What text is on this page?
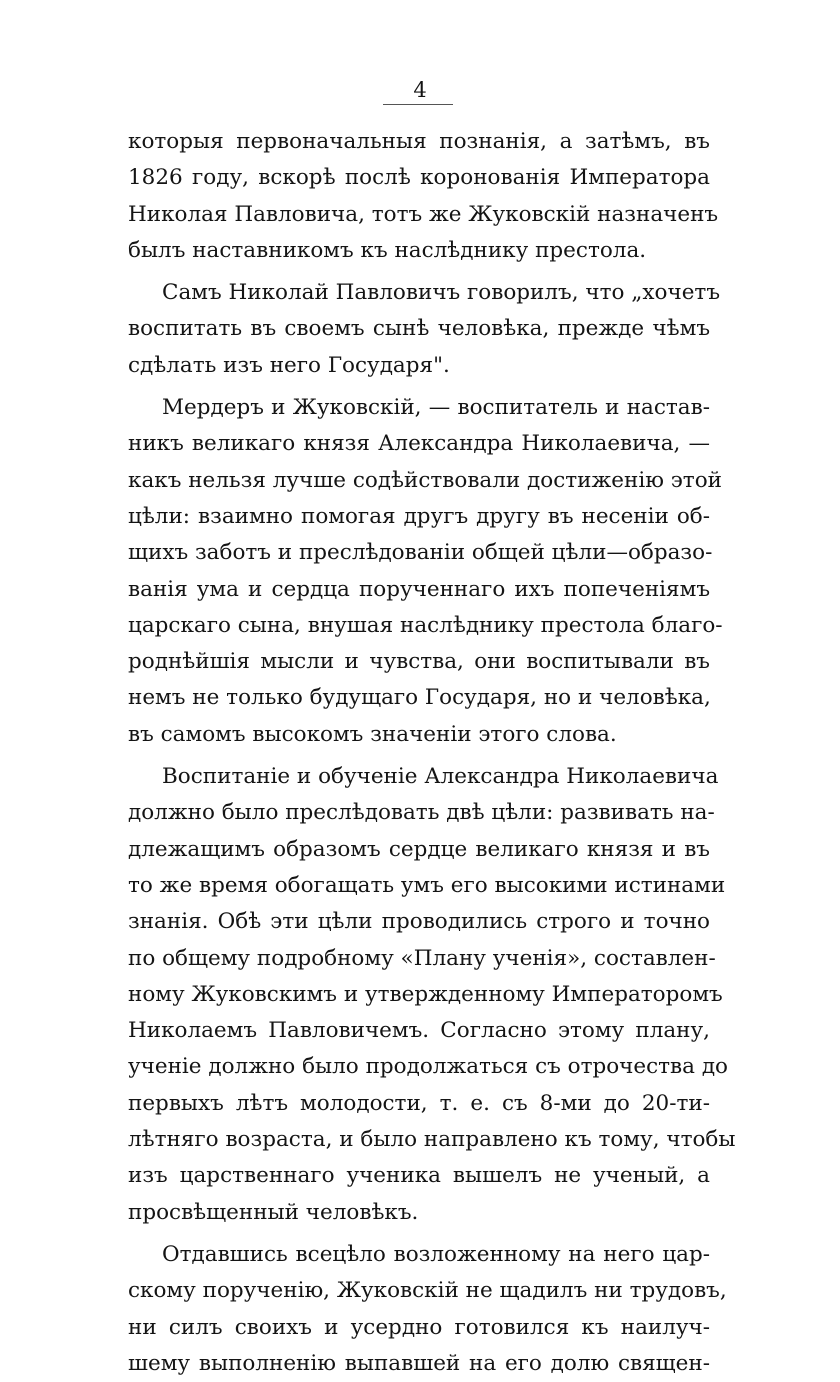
4
которыя первоначальныя познанія, а затѣмъ, въ
1826 году, вскорѣ послѣ коронованія Императора
Николая Павловича, тотъ же Жуковскій назначенъ
былъ наставникомъ къ наслѣднику престола.
Самъ Николай Павловичъ говорилъ, что „хочетъ
воспитать въ своемъ сынѣ человѣка, прежде чѣмъ
сдѣлать изъ него Государя".
Мердеръ и Жуковскій, — воспитатель и настав-
никъ великаго князя Александра Николаевича, —
какъ нельзя лучше содѣйствовали достиженію этой
цѣли: взаимно помогая другъ другу въ несеніи об-
щихъ заботъ и преслѣдованіи общей цѣли—образо-
ванія ума и сердца порученнаго ихъ попеченіямъ
царскаго сына, внушая наслѣднику престола благо-
роднѣйшія мысли и чувства, они воспитывали въ
немъ не только будущаго Государя, но и человѣка,
въ самомъ высокомъ значеніи этого слова.
Воспитаніе и обученіе Александра Николаевича
должно было преслѣдовать двѣ цѣли: развивать на-
длежащимъ образомъ сердце великаго князя и въ
то же время обогащать умъ его высокими истинами
знанія. Обѣ эти цѣли проводились строго и точно
по общему подробному «Плану ученія», составлен-
ному Жуковскимъ и утвержденному Императоромъ
Николаемъ Павловичемъ. Согласно этому плану,
ученіе должно было продолжаться съ отрочества до
первыхъ лѣтъ молодости, т. е. съ 8-ми до 20-ти-
лѣтняго возраста, и было направлено къ тому, чтобы
изъ царственнаго ученика вышелъ не ученый, а
просвѣщенный человѣкъ.
Отдавшись всецѣло возложенному на него цар-
скому порученію, Жуковскій не щадилъ ни трудовъ,
ни силъ своихъ и усердно готовился къ наилуч-
шему выполненію выпавшей на его долю священ-
